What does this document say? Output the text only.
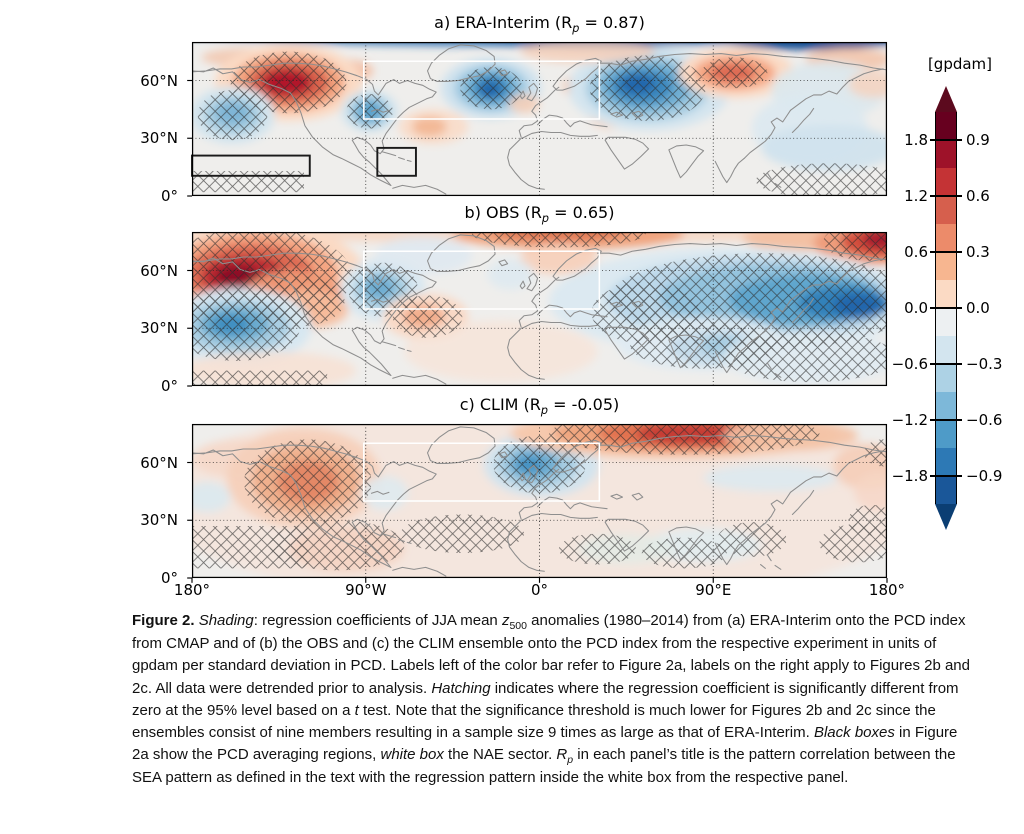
a) ERA-Interim $(R_p = 0.87)$
60°N
30°N
0°
b) OBS $(R_p = 0.65)$
60°N
30°N
0°
c) CLIM $(R_p = -0.05)$
60°N
30°N
0°
180°	90°W	0°	90°E	180°
[gpdam]
1.8	0.9
1.2	0.6
0.6	0.3
0.0	0.0
−0.6	−0.3
−1.2	−0.6
−1.8	−0.9
Figure 2. Shading: regression coefficients of JJA mean $z_{500}$ anomalies (1980–2014) from (a) ERA-Interim onto the PCD index from CMAP and of (b) the OBS and (c) the CLIM ensemble onto the PCD index from the respective experiment in units of gpdam per standard deviation in PCD. Labels left of the color bar refer to Figure 2a, labels on the right apply to Figures 2b and 2c. All data were detrended prior to analysis. Hatching indicates where the regression coefficient is significantly different from zero at the 95% level based on a t test. Note that the significance threshold is much lower for Figures 2b and 2c since the ensembles consist of nine members resulting in a sample size 9 times as large as that of ERA-Interim. Black boxes in Figure 2a show the PCD averaging regions, white box the NAE sector. $R_p$ in each panel’s title is the pattern correlation between the SEA pattern as defined in the text with the regression pattern inside the white box from the respective panel.
